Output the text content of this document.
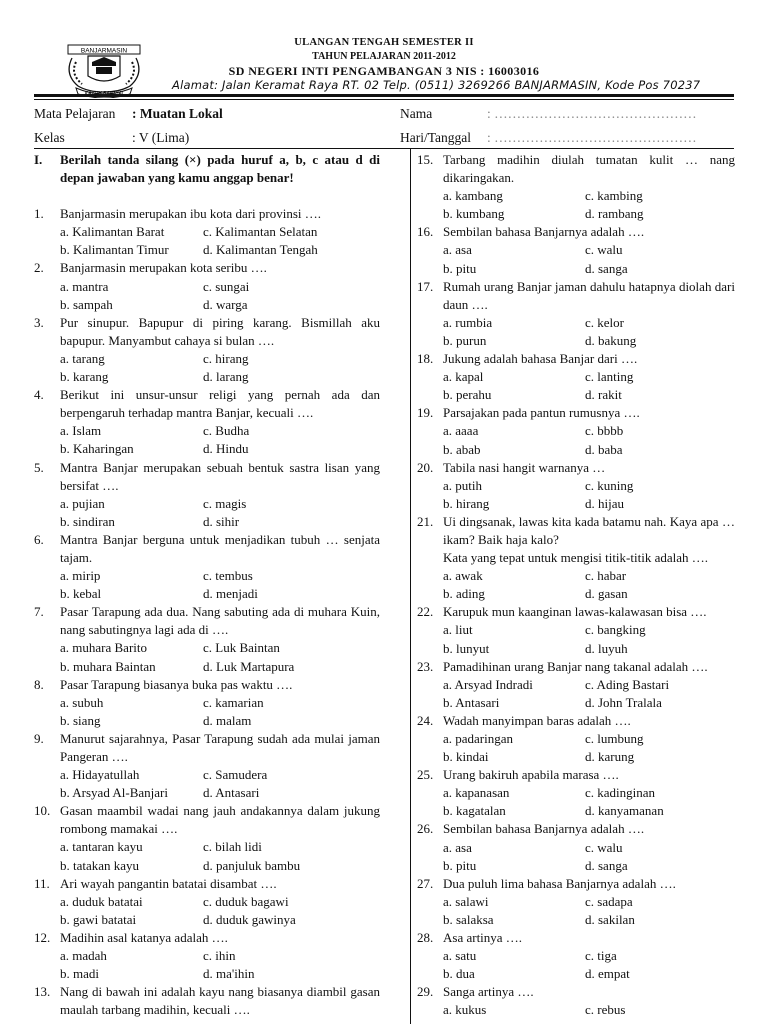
BANJARMASIN
KAYUH BAIMBAI
ULANGAN TENGAH SEMESTER II
TAHUN PELAJARAN 2011-2012
SD NEGERI INTI PENGAMBANGAN 3 NIS : 16003016
Alamat: Jalan Keramat Raya RT. 02 Telp. (0511) 3269266 BANJARMASIN, Kode Pos 70237
Mata Pelajaran : Muatan Lokal
Kelas	: V (Lima)
Nama	: ………………………………………
Hari/Tanggal : ………………………………………
I.	Berilah tanda silang (×) pada huruf a, b, c atau d di depan jawaban yang kamu anggap benar!
1.	Banjarmasin merupakan ibu kota dari provinsi ….
a. Kalimantan Barat	c. Kalimantan Selatan
b. Kalimantan Timur	d. Kalimantan Tengah
2.	Banjarmasin merupakan kota seribu ….
a. mantra	c. sungai
b. sampah	d. warga
3.	Pur sinupur. Bapupur di piring karang. Bismillah aku bapupur. Manyambut cahaya si bulan ….
a. tarang	c. hirang
b. karang	d. larang
4.	Berikut ini unsur-unsur religi yang pernah ada dan berpengaruh terhadap mantra Banjar, kecuali ….
a. Islam	c. Budha
b. Kaharingan	d. Hindu
5.	Mantra Banjar merupakan sebuah bentuk sastra lisan yang bersifat ….
a. pujian	c. magis
b. sindiran	d. sihir
6.	Mantra Banjar berguna untuk menjadikan tubuh … senjata tajam.
a. mirip	c. tembus
b. kebal	d. menjadi
7.	Pasar Tarapung ada dua. Nang sabuting ada di muhara Kuin, nang sabutingnya lagi ada di ….
a. muhara Barito	c. Luk Baintan
b. muhara Baintan	d. Luk Martapura
8.	Pasar Tarapung biasanya buka pas waktu ….
a. subuh	c. kamarian
b. siang	d. malam
9.	Manurut sajarahnya, Pasar Tarapung sudah ada mulai jaman Pangeran ….
a. Hidayatullah	c. Samudera
b. Arsyad Al-Banjari	d. Antasari
10. Gasan maambil wadai nang jauh andakannya dalam jukung rombong mamakai ….
a. tantaran kayu	c. bilah lidi
b. tatakan kayu	d. panjuluk bambu
11. Ari wayah pangantin batatai disambat ….
a. duduk batatai	c. duduk bagawi
b. gawi batatai	d. duduk gawinya
12. Madihin asal katanya adalah ….
a. madah	c. ihin
b. madi	d. ma'ihin
13. Nang di bawah ini adalah kayu nang biasanya diambil gasan maulah tarbang madihin, kecuali ….
15. Tarbang madihin diulah tumatan kulit … nang dikaringakan.
a. kambang	c. kambing
b. kumbang	d. rambang
16. Sembilan bahasa Banjarnya adalah ….
a. asa	c. walu
b. pitu	d. sanga
17. Rumah urang Banjar jaman dahulu hatapnya diolah dari daun ….
a. rumbia	c. kelor
b. purun	d. bakung
18. Jukung adalah bahasa Banjar dari ….
a. kapal	c. lanting
b. perahu	d. rakit
19. Parsajakan pada pantun rumusnya ….
a. aaaa	c. bbbb
b. abab	d. baba
20. Tabila nasi hangit warnanya …
a. putih	c. kuning
b. hirang	d. hijau
21. Ui dingsanak, lawas kita kada batamu nah. Kaya apa … ikam? Baik haja kalo?
Kata yang tepat untuk mengisi titik-titik adalah ….
a. awak	c. habar
b. ading	d. gasan
22. Karupuk mun kaanginan lawas-kalawasan bisa ….
a. liut	c. bangking
b. lunyut	d. luyuh
23. Pamadihinan urang Banjar nang takanal adalah ….
a. Arsyad Indradi	c. Ading Bastari
b. Antasari	d. John Tralala
24. Wadah manyimpan baras adalah ….
a. padaringan	c. lumbung
b. kindai	d. karung
25. Urang bakiruh apabila marasa ….
a. kapanasan	c. kadinginan
b. kagatalan	d. kanyamanan
26. Sembilan bahasa Banjarnya adalah ….
a. asa	c. walu
b. pitu	d. sanga
27. Dua puluh lima bahasa Banjarnya adalah ….
a. salawi	c. sadapa
b. salaksa	d. sakilan
28. Asa artinya ….
a. satu	c. tiga
b. dua	d. empat
29. Sanga artinya ….
a. kukus	c. rebus
